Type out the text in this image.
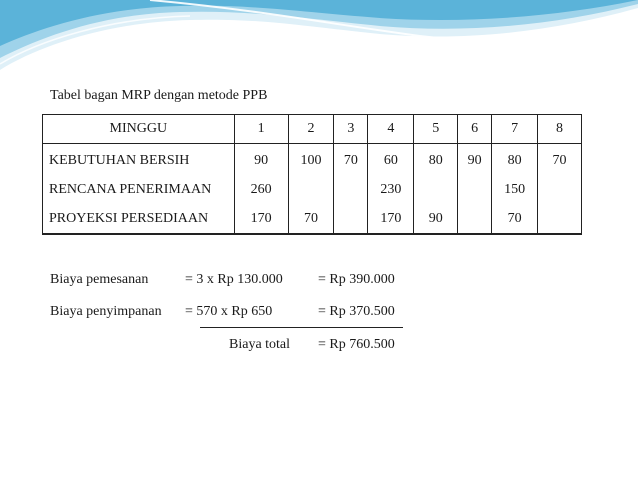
Tabel bagan MRP dengan metode PPB
MINGGU	1	2	3	4	5	6	7	8
KEBUTUHAN BERSIH	90	100	70	60	80	90	80	70
RENCANA PENERIMAAN	260			230			150	
PROYEKSI PERSEDIAAN	170	70		170	90		70	
Biaya pemesanan	= 3 x Rp 130.000	= Rp 390.000
Biaya penyimpanan = 570 x Rp 650	= Rp 370.500
Biaya total = Rp 760.500
